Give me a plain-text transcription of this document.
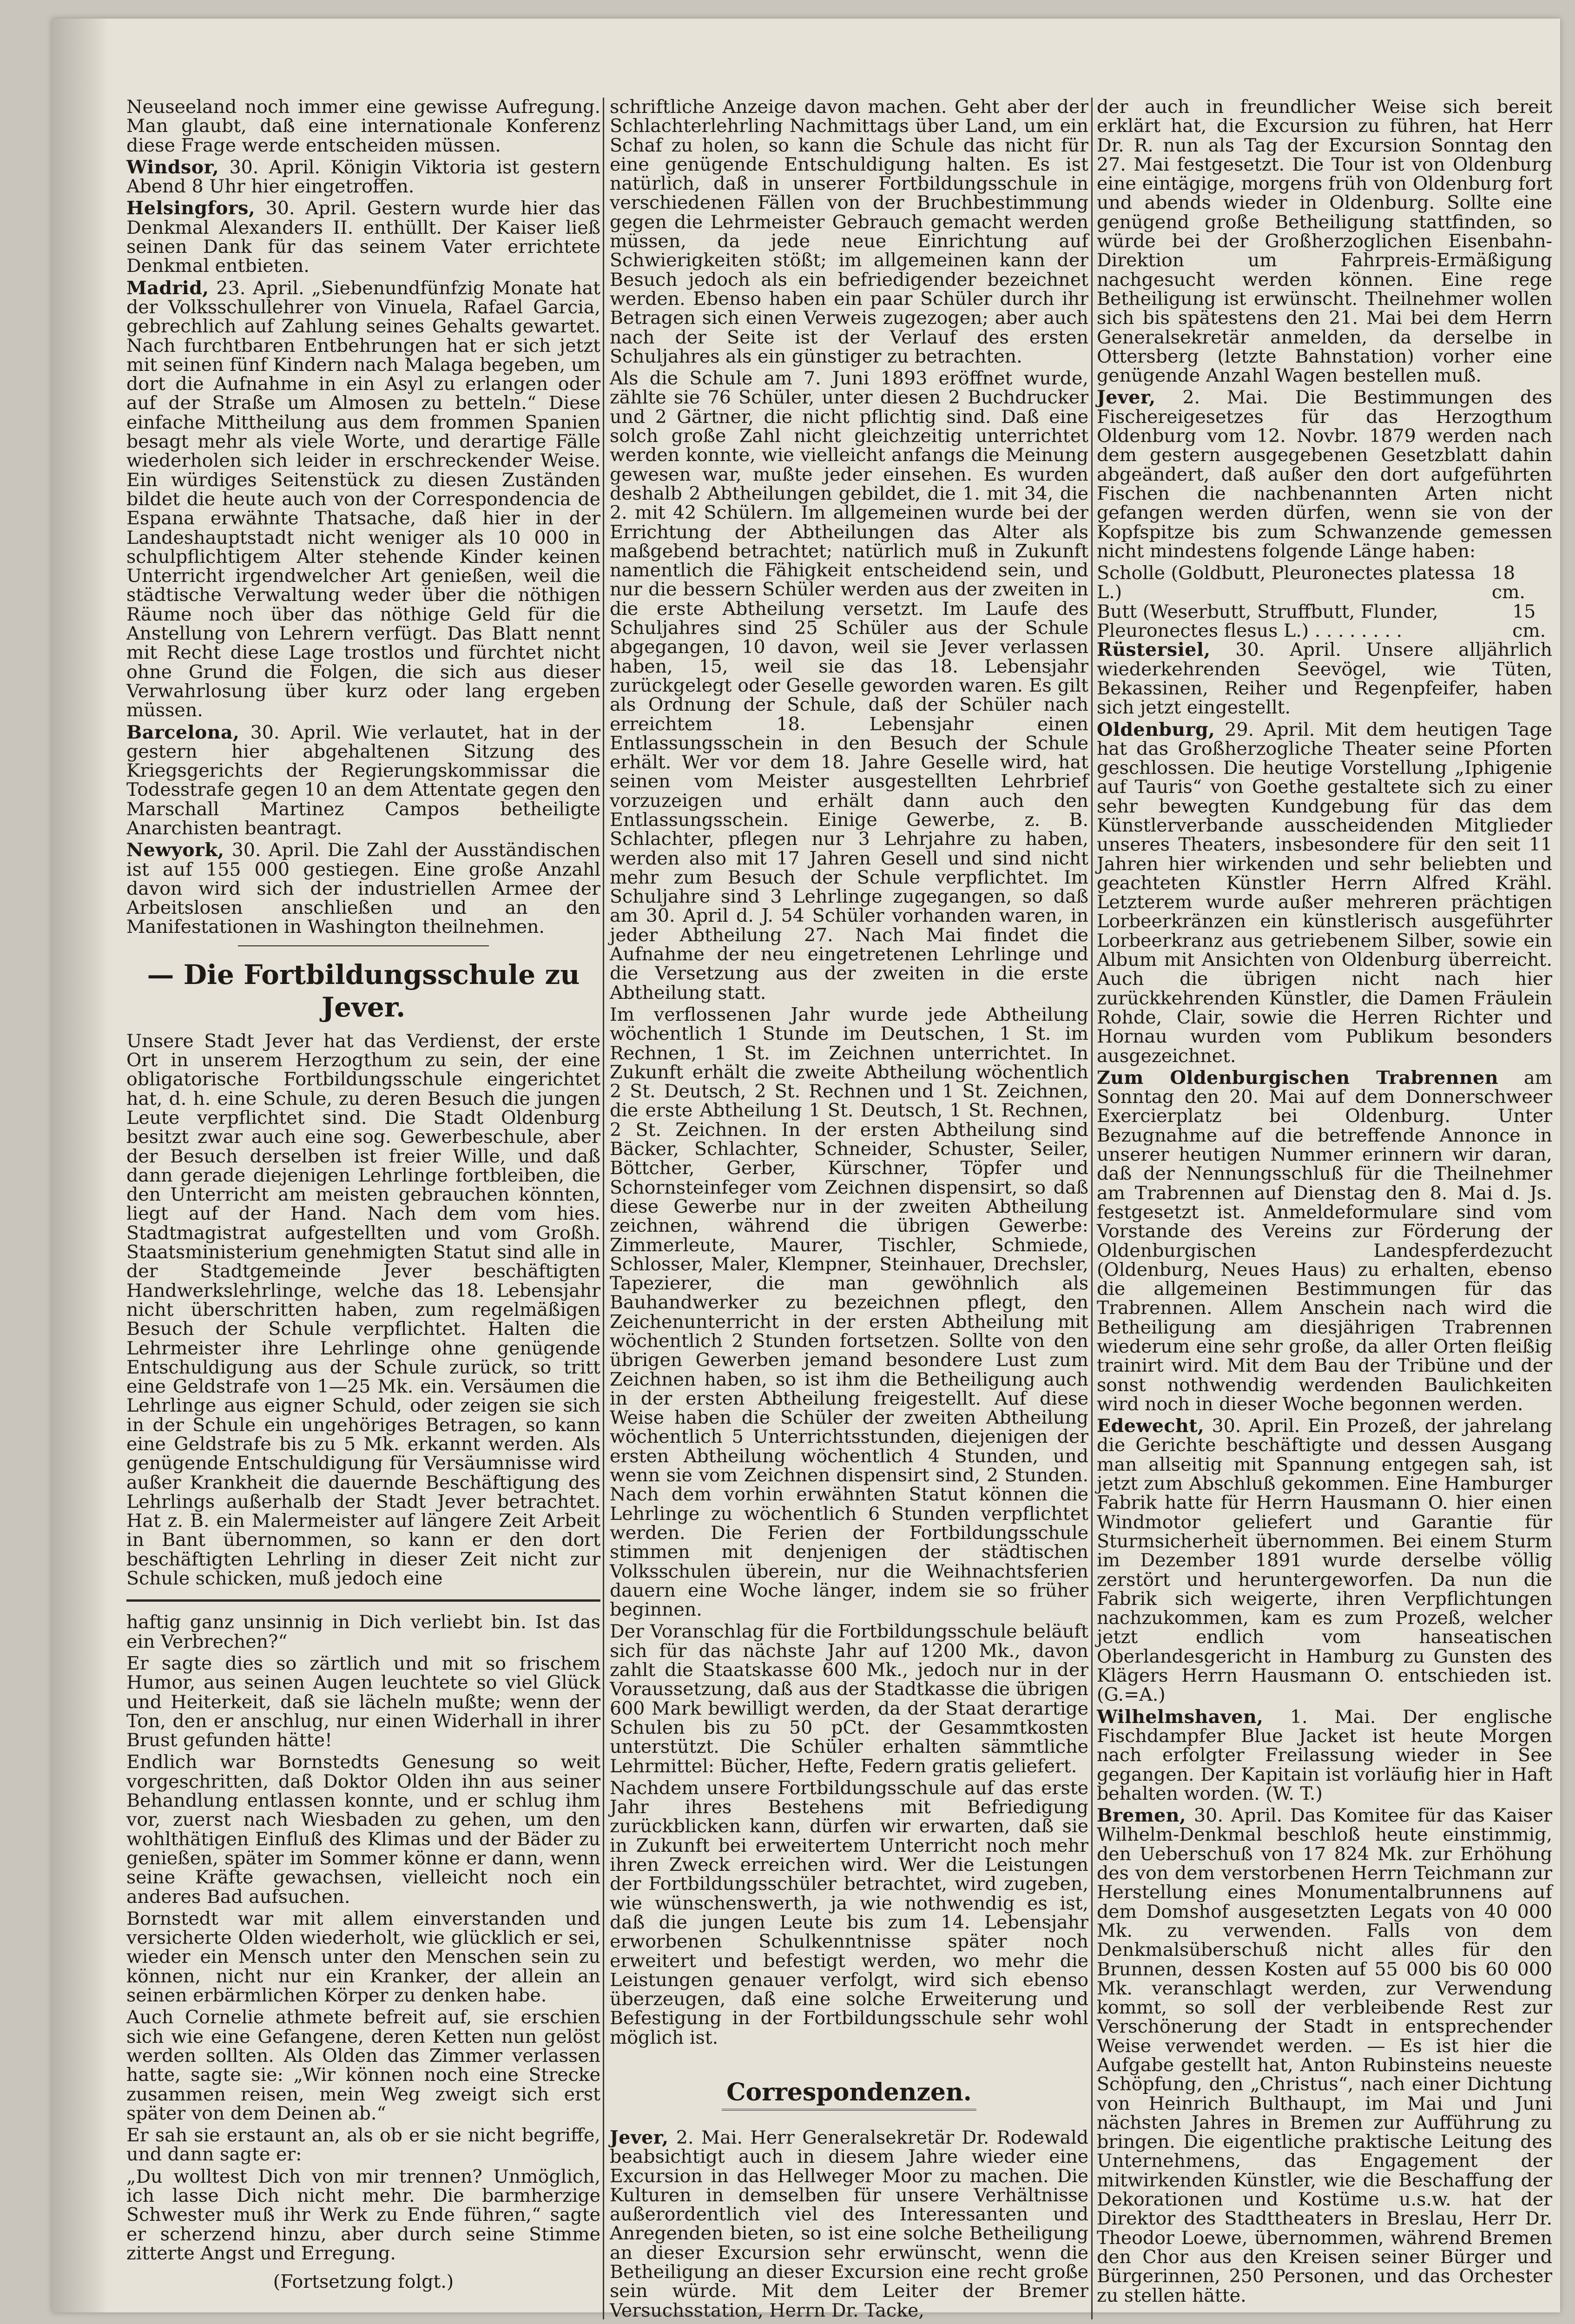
Neuseeland noch immer eine gewisse Aufregung. Man glaubt, daß eine internationale Konferenz diese Frage werde entscheiden müssen.

Windsor, 30. April. Königin Viktoria ist gestern Abend 8 Uhr hier eingetroffen.

Helsingfors, 30. April. Gestern wurde hier das Denkmal Alexanders II. enthüllt. Der Kaiser ließ seinen Dank für das seinem Vater errichtete Denkmal entbieten.

Madrid, 23. April. „Siebenundfünfzig Monate hat der Volksschullehrer von Vinuela, Rafael Garcia, gebrechlich auf Zahlung seines Gehalts gewartet. Nach furchtbaren Entbehrungen hat er sich jetzt mit seinen fünf Kindern nach Malaga begeben, um dort die Aufnahme in ein Asyl zu erlangen oder auf der Straße um Almosen zu betteln.“ Diese einfache Mittheilung aus dem frommen Spanien besagt mehr als viele Worte, und derartige Fälle wiederholen sich leider in erschreckender Weise. Ein würdiges Seitenstück zu diesen Zuständen bildet die heute auch von der Correspondencia de Espana erwähnte Thatsache, daß hier in der Landeshauptstadt nicht weniger als 10 000 in schulpflichtigem Alter stehende Kinder keinen Unterricht irgendwelcher Art genießen, weil die städtische Verwaltung weder über die nöthigen Räume noch über das nöthige Geld für die Anstellung von Lehrern verfügt. Das Blatt nennt mit Recht diese Lage trostlos und fürchtet nicht ohne Grund die Folgen, die sich aus dieser Verwahrlosung über kurz oder lang ergeben müssen.

Barcelona, 30. April. Wie verlautet, hat in der gestern hier abgehaltenen Sitzung des Kriegsgerichts der Regierungskommissar die Todesstrafe gegen 10 an dem Attentate gegen den Marschall Martinez Campos betheiligte Anarchisten beantragt.

Newyork, 30. April. Die Zahl der Ausständischen ist auf 155 000 gestiegen. Eine große Anzahl davon wird sich der industriellen Armee der Arbeitslosen anschließen und an den Manifestationen in Washington theilnehmen.

— Die Fortbildungsschule zu Jever.

Unsere Stadt Jever hat das Verdienst, der erste Ort in unserem Herzogthum zu sein, der eine obligatorische Fortbildungsschule eingerichtet hat, d. h. eine Schule, zu deren Besuch die jungen Leute verpflichtet sind. Die Stadt Oldenburg besitzt zwar auch eine sog. Gewerbeschule, aber der Besuch derselben ist freier Wille, und daß dann gerade diejenigen Lehrlinge fortbleiben, die den Unterricht am meisten gebrauchen könnten, liegt auf der Hand. Nach dem vom hies. Stadtmagistrat aufgestellten und vom Großh. Staatsministerium genehmigten Statut sind alle in der Stadtgemeinde Jever beschäftigten Handwerkslehrlinge, welche das 18. Lebensjahr nicht überschritten haben, zum regelmäßigen Besuch der Schule verpflichtet. Halten die Lehrmeister ihre Lehrlinge ohne genügende Entschuldigung aus der Schule zurück, so tritt eine Geldstrafe von 1—25 Mk. ein. Versäumen die Lehrlinge aus eigner Schuld, oder zeigen sie sich in der Schule ein ungehöriges Betragen, so kann eine Geldstrafe bis zu 5 Mk. erkannt werden. Als genügende Entschuldigung für Versäumnisse wird außer Krankheit die dauernde Beschäftigung des Lehrlings außerhalb der Stadt Jever betrachtet. Hat z. B. ein Malermeister auf längere Zeit Arbeit in Bant übernommen, so kann er den dort beschäftigten Lehrling in dieser Zeit nicht zur Schule schicken, muß jedoch eine

haftig ganz unsinnig in Dich verliebt bin. Ist das ein Verbrechen?“

Er sagte dies so zärtlich und mit so frischem Humor, aus seinen Augen leuchtete so viel Glück und Heiterkeit, daß sie lächeln mußte; wenn der Ton, den er anschlug, nur einen Widerhall in ihrer Brust gefunden hätte!

Endlich war Bornstedts Genesung so weit vorgeschritten, daß Doktor Olden ihn aus seiner Behandlung entlassen konnte, und er schlug ihm vor, zuerst nach Wiesbaden zu gehen, um den wohlthätigen Einfluß des Klimas und der Bäder zu genießen, später im Sommer könne er dann, wenn seine Kräfte gewachsen, vielleicht noch ein anderes Bad aufsuchen.

Bornstedt war mit allem einverstanden und versicherte Olden wiederholt, wie glücklich er sei, wieder ein Mensch unter den Menschen sein zu können, nicht nur ein Kranker, der allein an seinen erbärmlichen Körper zu denken habe.

Auch Cornelie athmete befreit auf, sie erschien sich wie eine Gefangene, deren Ketten nun gelöst werden sollten. Als Olden das Zimmer verlassen hatte, sagte sie: „Wir können noch eine Strecke zusammen reisen, mein Weg zweigt sich erst später von dem Deinen ab.“

Er sah sie erstaunt an, als ob er sie nicht begriffe, und dann sagte er:

„Du wolltest Dich von mir trennen? Unmöglich, ich lasse Dich nicht mehr. Die barmherzige Schwester muß ihr Werk zu Ende führen,“ sagte er scherzend hinzu, aber durch seine Stimme zitterte Angst und Erregung.

(Fortsetzung folgt.)

schriftliche Anzeige davon machen. Geht aber der Schlachterlehrling Nachmittags über Land, um ein Schaf zu holen, so kann die Schule das nicht für eine genügende Entschuldigung halten. Es ist natürlich, daß in unserer Fortbildungsschule in verschiedenen Fällen von der Bruchbestimmung gegen die Lehrmeister Gebrauch gemacht werden müssen, da jede neue Einrichtung auf Schwierigkeiten stößt; im allgemeinen kann der Besuch jedoch als ein befriedigender bezeichnet werden. Ebenso haben ein paar Schüler durch ihr Betragen sich einen Verweis zugezogen; aber auch nach der Seite ist der Verlauf des ersten Schuljahres als ein günstiger zu betrachten.

Als die Schule am 7. Juni 1893 eröffnet wurde, zählte sie 76 Schüler, unter diesen 2 Buchdrucker und 2 Gärtner, die nicht pflichtig sind. Daß eine solch große Zahl nicht gleichzeitig unterrichtet werden konnte, wie vielleicht anfangs die Meinung gewesen war, mußte jeder einsehen. Es wurden deshalb 2 Abtheilungen gebildet, die 1. mit 34, die 2. mit 42 Schülern. Im allgemeinen wurde bei der Errichtung der Abtheilungen das Alter als maßgebend betrachtet; natürlich muß in Zukunft namentlich die Fähigkeit entscheidend sein, und nur die bessern Schüler werden aus der zweiten in die erste Abtheilung versetzt. Im Laufe des Schuljahres sind 25 Schüler aus der Schule abgegangen, 10 davon, weil sie Jever verlassen haben, 15, weil sie das 18. Lebensjahr zurückgelegt oder Geselle geworden waren. Es gilt als Ordnung der Schule, daß der Schüler nach erreichtem 18. Lebensjahr einen Entlassungsschein in den Besuch der Schule erhält. Wer vor dem 18. Jahre Geselle wird, hat seinen vom Meister ausgestellten Lehrbrief vorzuzeigen und erhält dann auch den Entlassungsschein. Einige Gewerbe, z. B. Schlachter, pflegen nur 3 Lehrjahre zu haben, werden also mit 17 Jahren Gesell und sind nicht mehr zum Besuch der Schule verpflichtet. Im Schuljahre sind 3 Lehrlinge zugegangen, so daß am 30. April d. J. 54 Schüler vorhanden waren, in jeder Abtheilung 27. Nach Mai findet die Aufnahme der neu eingetretenen Lehrlinge und die Versetzung aus der zweiten in die erste Abtheilung statt.

Im verflossenen Jahr wurde jede Abtheilung wöchentlich 1 Stunde im Deutschen, 1 St. im Rechnen, 1 St. im Zeichnen unterrichtet. In Zukunft erhält die zweite Abtheilung wöchentlich 2 St. Deutsch, 2 St. Rechnen und 1 St. Zeichnen, die erste Abtheilung 1 St. Deutsch, 1 St. Rechnen, 2 St. Zeichnen. In der ersten Abtheilung sind Bäcker, Schlachter, Schneider, Schuster, Seiler, Böttcher, Gerber, Kürschner, Töpfer und Schornsteinfeger vom Zeichnen dispensirt, so daß diese Gewerbe nur in der zweiten Abtheilung zeichnen, während die übrigen Gewerbe: Zimmerleute, Maurer, Tischler, Schmiede, Schlosser, Maler, Klempner, Steinhauer, Drechsler, Tapezierer, die man gewöhnlich als Bauhandwerker zu bezeichnen pflegt, den Zeichenunterricht in der ersten Abtheilung mit wöchentlich 2 Stunden fortsetzen. Sollte von den übrigen Gewerben jemand besondere Lust zum Zeichnen haben, so ist ihm die Betheiligung auch in der ersten Abtheilung freigestellt. Auf diese Weise haben die Schüler der zweiten Abtheilung wöchentlich 5 Unterrichtsstunden, diejenigen der ersten Abtheilung wöchentlich 4 Stunden, und wenn sie vom Zeichnen dispensirt sind, 2 Stunden. Nach dem vorhin erwähnten Statut können die Lehrlinge zu wöchentlich 6 Stunden verpflichtet werden. Die Ferien der Fortbildungsschule stimmen mit denjenigen der städtischen Volksschulen überein, nur die Weihnachtsferien dauern eine Woche länger, indem sie so früher beginnen.

Der Voranschlag für die Fortbildungsschule beläuft sich für das nächste Jahr auf 1200 Mk., davon zahlt die Staatskasse 600 Mk., jedoch nur in der Voraussetzung, daß aus der Stadtkasse die übrigen 600 Mark bewilligt werden, da der Staat derartige Schulen bis zu 50 pCt. der Gesammtkosten unterstützt. Die Schüler erhalten sämmtliche Lehrmittel: Bücher, Hefte, Federn gratis geliefert.

Nachdem unsere Fortbildungsschule auf das erste Jahr ihres Bestehens mit Befriedigung zurückblicken kann, dürfen wir erwarten, daß sie in Zukunft bei erweitertem Unterricht noch mehr ihren Zweck erreichen wird. Wer die Leistungen der Fortbildungsschüler betrachtet, wird zugeben, wie wünschenswerth, ja wie nothwendig es ist, daß die jungen Leute bis zum 14. Lebensjahr erworbenen Schulkenntnisse später noch erweitert und befestigt werden, wo mehr die Leistungen genauer verfolgt, wird sich ebenso überzeugen, daß eine solche Erweiterung und Befestigung in der Fortbildungsschule sehr wohl möglich ist.

Correspondenzen.

Jever, 2. Mai. Herr Generalsekretär Dr. Rodewald beabsichtigt auch in diesem Jahre wieder eine Excursion in das Hellweger Moor zu machen. Die Kulturen in demselben für unsere Verhältnisse außerordentlich viel des Interessanten und Anregenden bieten, so ist eine solche Betheiligung an dieser Excursion sehr erwünscht, wenn die Betheiligung an dieser Excursion eine recht große sein würde. Mit dem Leiter der Bremer Versuchsstation, Herrn Dr. Tacke,

der auch in freundlicher Weise sich bereit erklärt hat, die Excursion zu führen, hat Herr Dr. R. nun als Tag der Excursion Sonntag den 27. Mai festgesetzt. Die Tour ist von Oldenburg eine eintägige, morgens früh von Oldenburg fort und abends wieder in Oldenburg. Sollte eine genügend große Betheiligung stattfinden, so würde bei der Großherzoglichen Eisenbahn-Direktion um Fahrpreis-Ermäßigung nachgesucht werden können. Eine rege Betheiligung ist erwünscht. Theilnehmer wollen sich bis spätestens den 21. Mai bei dem Herrn Generalsekretär anmelden, da derselbe in Ottersberg (letzte Bahnstation) vorher eine genügende Anzahl Wagen bestellen muß.

Jever, 2. Mai. Die Bestimmungen des Fischereigesetzes für das Herzogthum Oldenburg vom 12. Novbr. 1879 werden nach dem gestern ausgegebenen Gesetzblatt dahin abgeändert, daß außer den dort aufgeführten Fischen die nachbenannten Arten nicht gefangen werden dürfen, wenn sie von der Kopfspitze bis zum Schwanzende gemessen nicht mindestens folgende Länge haben:

Scholle (Goldbutt, Pleuronectes platessa L.)
18 cm.
Butt (Weserbutt, Struffbutt, Flunder, Pleuronectes flesus L.) . . . . . . . .
15 cm.

Rüstersiel, 30. April. Unsere alljährlich wiederkehrenden Seevögel, wie Tüten, Bekassinen, Reiher und Regenpfeifer, haben sich jetzt eingestellt.

Oldenburg, 29. April. Mit dem heutigen Tage hat das Großherzogliche Theater seine Pforten geschlossen. Die heutige Vorstellung „Iphigenie auf Tauris“ von Goethe gestaltete sich zu einer sehr bewegten Kundgebung für das dem Künstlerverbande ausscheidenden Mitglieder unseres Theaters, insbesondere für den seit 11 Jahren hier wirkenden und sehr beliebten und geachteten Künstler Herrn Alfred Krähl. Letzterem wurde außer mehreren prächtigen Lorbeerkränzen ein künstlerisch ausgeführter Lorbeerkranz aus getriebenem Silber, sowie ein Album mit Ansichten von Oldenburg überreicht. Auch die übrigen nicht nach hier zurückkehrenden Künstler, die Damen Fräulein Rohde, Clair, sowie die Herren Richter und Hornau wurden vom Publikum besonders ausgezeichnet.

Zum Oldenburgischen Trabrennen am Sonntag den 20. Mai auf dem Donnerschweer Exercierplatz bei Oldenburg. Unter Bezugnahme auf die betreffende Annonce in unserer heutigen Nummer erinnern wir daran, daß der Nennungsschluß für die Theilnehmer am Trabrennen auf Dienstag den 8. Mai d. Js. festgesetzt ist. Anmeldeformulare sind vom Vorstande des Vereins zur Förderung der Oldenburgischen Landespferdezucht (Oldenburg, Neues Haus) zu erhalten, ebenso die allgemeinen Bestimmungen für das Trabrennen. Allem Anschein nach wird die Betheiligung am diesjährigen Trabrennen wiederum eine sehr große, da aller Orten fleißig trainirt wird. Mit dem Bau der Tribüne und der sonst nothwendig werdenden Baulichkeiten wird noch in dieser Woche begonnen werden.

Edewecht, 30. April. Ein Prozeß, der jahrelang die Gerichte beschäftigte und dessen Ausgang man allseitig mit Spannung entgegen sah, ist jetzt zum Abschluß gekommen. Eine Hamburger Fabrik hatte für Herrn Hausmann O. hier einen Windmotor geliefert und Garantie für Sturmsicherheit übernommen. Bei einem Sturm im Dezember 1891 wurde derselbe völlig zerstört und heruntergeworfen. Da nun die Fabrik sich weigerte, ihren Verpflichtungen nachzukommen, kam es zum Prozeß, welcher jetzt endlich vom hanseatischen Oberlandesgericht in Hamburg zu Gunsten des Klägers Herrn Hausmann O. entschieden ist. (G.=A.)

Wilhelmshaven, 1. Mai. Der englische Fischdampfer Blue Jacket ist heute Morgen nach erfolgter Freilassung wieder in See gegangen. Der Kapitain ist vorläufig hier in Haft behalten worden. (W. T.)

Bremen, 30. April. Das Komitee für das Kaiser Wilhelm-Denkmal beschloß heute einstimmig, den Ueberschuß von 17 824 Mk. zur Erhöhung des von dem verstorbenen Herrn Teichmann zur Herstellung eines Monumentalbrunnens auf dem Domshof ausgesetzten Legats von 40 000 Mk. zu verwenden. Falls von dem Denkmalsüberschuß nicht alles für den Brunnen, dessen Kosten auf 55 000 bis 60 000 Mk. veranschlagt werden, zur Verwendung kommt, so soll der verbleibende Rest zur Verschönerung der Stadt in entsprechender Weise verwendet werden. — Es ist hier die Aufgabe gestellt hat, Anton Rubinsteins neueste Schöpfung, den „Christus“, nach einer Dichtung von Heinrich Bulthaupt, im Mai und Juni nächsten Jahres in Bremen zur Aufführung zu bringen. Die eigentliche praktische Leitung des Unternehmens, das Engagement der mitwirkenden Künstler, wie die Beschaffung der Dekorationen und Kostüme u.s.w. hat der Direktor des Stadttheaters in Breslau, Herr Dr. Theodor Loewe, übernommen, während Bremen den Chor aus den Kreisen seiner Bürger und Bürgerinnen, 250 Personen, und das Orchester zu stellen hätte.
